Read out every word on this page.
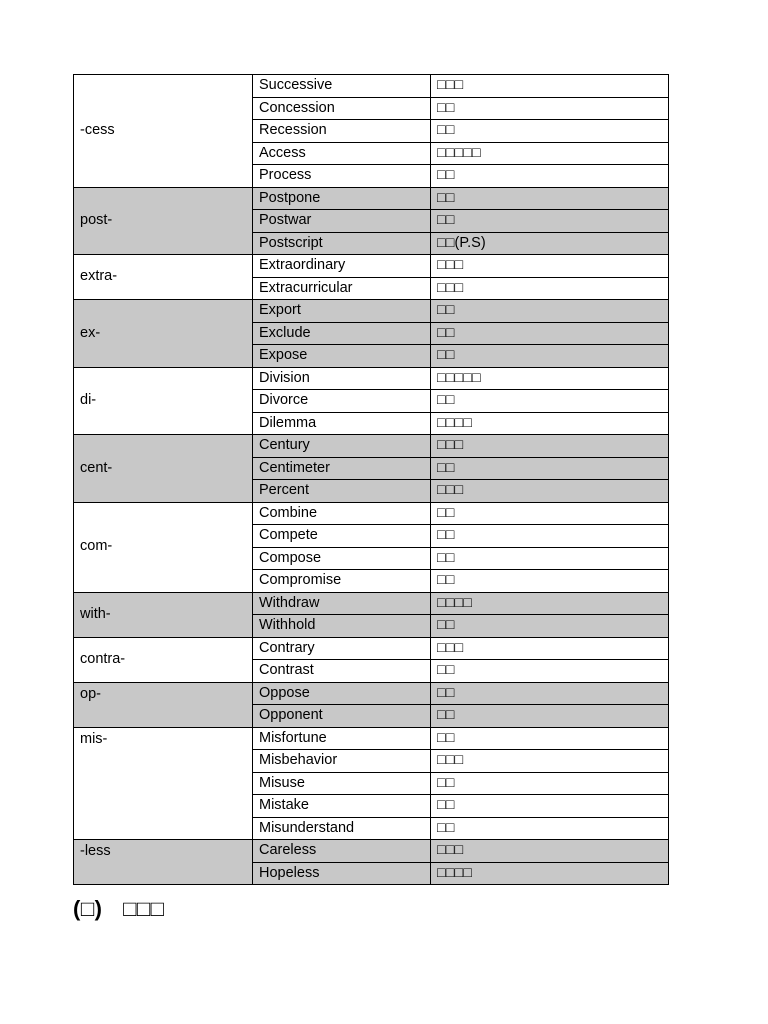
-cess	Successive	□□□
	Concession	□□
	Recession	□□
	Access	□□□□□
	Process	□□
post-	Postpone	□□
	Postwar	□□
	Postscript	□□(P.S)
extra-	Extraordinary	□□□
	Extracurricular	□□□
ex-	Export	□□
	Exclude	□□
	Expose	□□
di-	Division	□□□□□
	Divorce	□□
	Dilemma	□□□□
cent-	Century	□□□
	Centimeter	□□
	Percent	□□□
com-	Combine	□□
	Compete	□□
	Compose	□□
	Compromise	□□
with-	Withdraw	□□□□
	Withhold	□□
contra-	Contrary	□□□
	Contrast	□□
op-	Oppose	□□
	Opponent	□□
mis-	Misfortune	□□
	Misbehavior	□□□
	Misuse	□□
	Mistake	□□
	Misunderstand	□□
-less	Careless	□□□
	Hopeless	□□□□
(□) □□□
